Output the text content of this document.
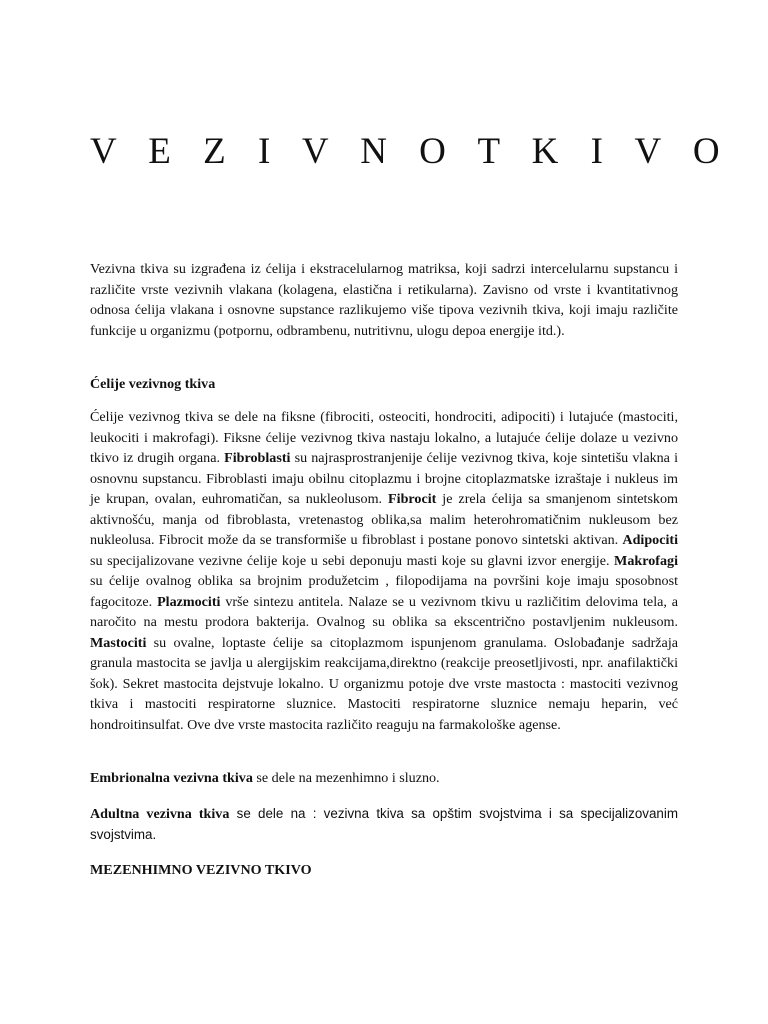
V E Z I V N O T K I V O

Vezivna tkiva su izgrađena iz ćelija i ekstracelularnog matriksa, koji sadrzi intercelularnu supstancu i različite vrste vezivnih vlakana (kolagena, elastična i retikularna). Zavisno od vrste i kvantitativnog odnosa ćelija vlakana i osnovne supstance razlikujemo više tipova vezivnih tkiva, koji imaju različite funkcije u organizmu (potpornu, odbrambenu, nutritivnu, ulogu depoa energije itd.).

Ćelije vezivnog tkiva

Ćelije vezivnog tkiva se dele na fiksne (fibrociti, osteociti, hondrociti, adipociti) i lutajuće (mastociti, leukociti i makrofagi). Fiksne ćelije vezivnog tkiva nastaju lokalno, a lutajuće ćelije dolaze u vezivno tkivo iz drugih organa. Fibroblasti su najrasprostranjenije ćelije vezivnog tkiva, koje sintetišu vlakna i osnovnu supstancu. Fibroblasti imaju obilnu citoplazmu i brojne citoplazmatske izraštaje i nukleus im je krupan, ovalan, euhromatičan, sa nukleolusom. Fibrocit je zrela ćelija sa smanjenom sintetskom aktivnošću, manja od fibroblasta, vretenastog oblika,sa malim heterohromatičnim nukleusom bez nukleolusa. Fibrocit može da se transformiše u fibroblast i postane ponovo sintetski aktivan. Adipociti su specijalizovane vezivne ćelije koje u sebi deponuju masti koje su glavni izvor energije. Makrofagi su ćelije ovalnog oblika sa brojnim produžetcim , filopodijama na površini koje imaju sposobnost fagocitoze. Plazmociti vrše sintezu antitela. Nalaze se u vezivnom tkivu u različitim delovima tela, a naročito na mestu prodora bakterija. Ovalnog su oblika sa ekscentrično postavljenim nukleusom. Mastociti su ovalne, loptaste ćelije sa citoplazmom ispunjenom granulama. Oslobađanje sadržaja granula mastocita se javlja u alergijskim reakcijama,direktno (reakcije preosetljivosti, npr. anafilaktički šok). Sekret mastocita dejstvuje lokalno. U organizmu potoje dve vrste mastocta : mastociti vezivnog tkiva i mastociti respiratorne sluznice. Mastociti respiratorne sluznice nemaju heparin, već hondroitinsulfat. Ove dve vrste mastocita različito reaguju na farmakološke agense.

Embrionalna vezivna tkiva se dele na mezenhimno i sluzno.

Adultna vezivna tkiva se dele na : vezivna tkiva sa opštim svojstvima i sa specijalizovanim svojstvima.

MEZENHIMNO VEZIVNO TKIVO
